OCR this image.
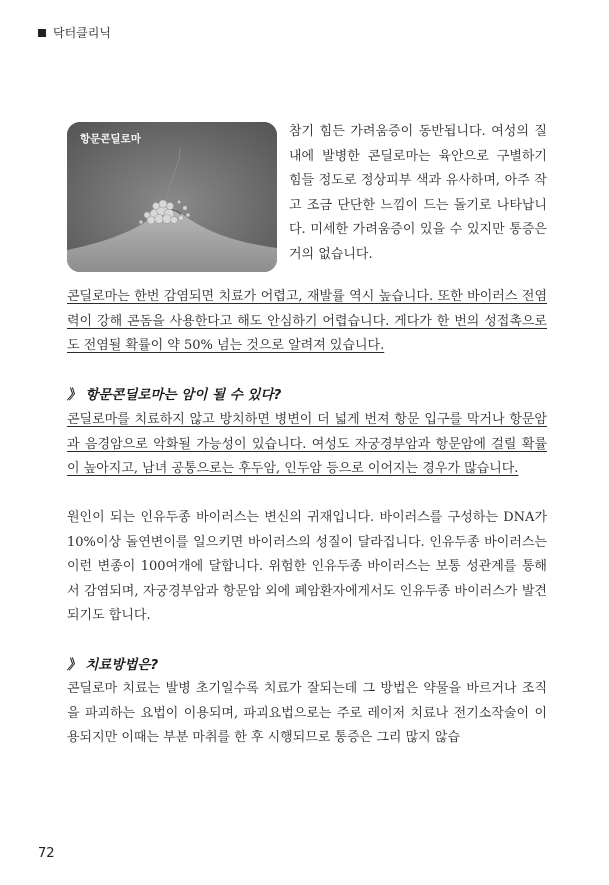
닥터클리닉
항문콘딜로마	참기 힘든 가려움증이 동반됩니다. 여성의 질 내에 발병한 콘딜로마는 육안으로 구별하기 힘들 정도로 정상피부 색과 유사하며, 아주 작고 조금 단단한 느낌이 드는 돌기로 나타납니다. 미세한 가려움증이 있을 수 있지만 통증은 거의 없습니다.

콘딜로마는 한번 감염되면 치료가 어렵고, 재발률 역시 높습니다. 또한 바이러스 전염력이 강해 콘돔을 사용한다고 해도 안심하기 어렵습니다. 게다가 한 번의 성접촉으로도 전염될 확률이 약 50% 넘는 것으로 알려져 있습니다.

》 항문콘딜로마는 암이 될 수 있다?

콘딜로마를 치료하지 않고 방치하면 병변이 더 넓게 번져 항문 입구를 막거나 항문암과 음경암으로 악화될 가능성이 있습니다. 여성도 자궁경부암과 항문암에 걸릴 확률이 높아지고, 남녀 공통으로는 후두암, 인두암 등으로 이어지는 경우가 많습니다.

원인이 되는 인유두종 바이러스는 변신의 귀재입니다. 바이러스를 구성하는 DNA가 10%이상 돌연변이를 일으키면 바이러스의 성질이 달라집니다. 인유두종 바이러스는 이런 변종이 100여개에 달합니다. 위험한 인유두종 바이러스는 보통 성관계를 통해서 감염되며, 자궁경부암과 항문암 외에 폐암환자에게서도 인유두종 바이러스가 발견되기도 합니다.

》 치료방법은?

콘딜로마 치료는 발병 초기일수록 치료가 잘되는데 그 방법은 약물을 바르거나 조직을 파괴하는 요법이 이용되며, 파괴요법으로는 주로 레이저 치료나 전기소작술이 이용되지만 이때는 부분 마취를 한 후 시행되므로 통증은 그리 많지 않습

72
